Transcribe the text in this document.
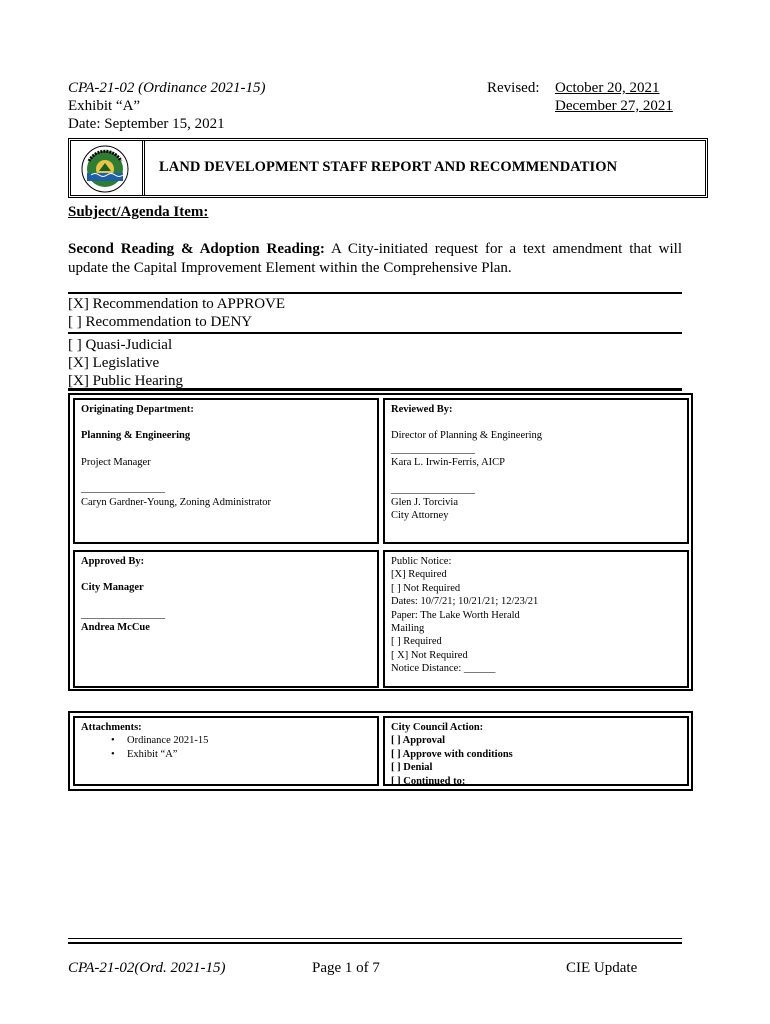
CPA-21-02 (Ordinance 2021-15)
Exhibit “A”
Date: September 15, 2021
Revised:	October 20, 2021
December 27, 2021
LAND DEVELOPMENT STAFF REPORT AND RECOMMENDATION
Subject/Agenda Item:
Second Reading & Adoption Reading: A City-initiated request for a text amendment that will update the Capital Improvement Element within the Comprehensive Plan.
[X] Recommendation to APPROVE
[ ] Recommendation to DENY
[ ] Quasi-Judicial
[X] Legislative
[X] Public Hearing
Originating Department:
Planning & Engineering
Project Manager
________________
Caryn Gardner-Young, Zoning Administrator
Reviewed By:
Director of Planning & Engineering
________________
Kara L. Irwin-Ferris, AICP
________________
Glen J. Torcivia
City Attorney
Approved By:
City Manager
________________
Andrea McCue
Public Notice:
[X] Required
[ ] Not Required
Dates: 10/7/21; 10/21/21; 12/23/21
Paper: The Lake Worth Herald
Mailing
[ ] Required
[ X] Not Required
Notice Distance: ______
Attachments:
• Ordinance 2021-15
• Exhibit “A”
City Council Action:
[ ] Approval
[ ] Approve with conditions
[ ] Denial
[ ] Continued to: ___________
CPA-21-02(Ord. 2021-15)	Page 1 of 7	CIE Update
